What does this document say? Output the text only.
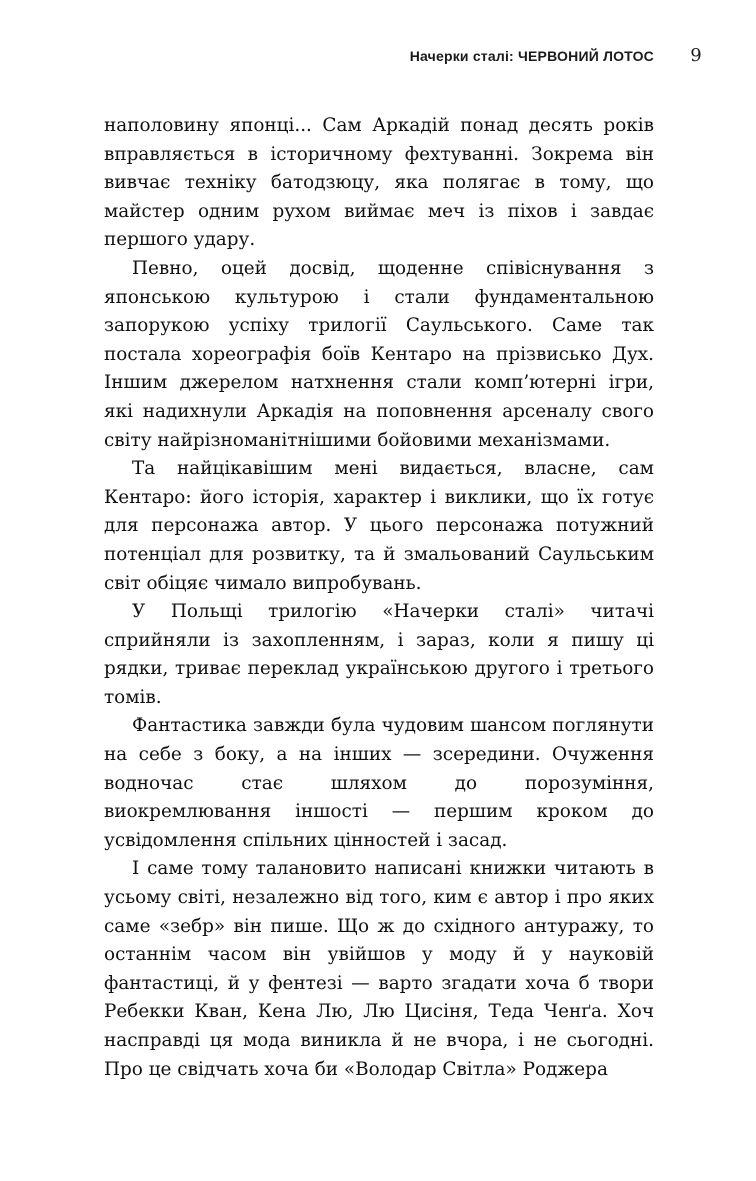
Начерки сталі: ЧЕРВОНИЙ ЛОТОС	9

наполовину японці... Сам Аркадій понад десять років вправляється в історичному фехтуванні. Зокрема він вивчає техніку батодзюцу, яка полягає в тому, що майстер одним рухом виймає меч із піхов і завдає першого удару.

Певно, оцей досвід, щоденне співіснування з японською культурою і стали фундаментальною запорукою успіху трилогії Саульського. Саме так постала хореографія боїв Кентаро на прізвисько Дух. Іншим джерелом натхнення стали комп’ютерні ігри, які надихнули Аркадія на поповнення арсеналу свого світу найрізноманітнішими бойовими механізмами.

Та найцікавішим мені видається, власне, сам Кентаро: його історія, характер і виклики, що їх готує для персонажа автор. У цього персонажа потужний потенціал для розвитку, та й змальований Саульським світ обіцяє чимало випробувань.

У Польщі трилогію «Начерки сталі» читачі сприйняли із захопленням, і зараз, коли я пишу ці рядки, триває переклад українською другого і третього томів.

Фантастика завжди була чудовим шансом поглянути на себе з боку, а на інших — зсередини. Очуження водночас стає шляхом до порозуміння, виокремлювання іншості — першим кроком до усвідомлення спільних цінностей і засад.

І саме тому талановито написані книжки читають в усьому світі, незалежно від того, ким є автор і про яких саме «зебр» він пише. Що ж до східного антуражу, то останнім часом він увійшов у моду й у науковій фантастиці, й у фентезі — варто згадати хоча б твори Ребекки Кван, Кена Лю, Лю Цисіня, Теда Ченґа. Хоч насправді ця мода виникла й не вчора, і не сьогодні. Про це свідчать хоча би «Володар Світла» Роджера
